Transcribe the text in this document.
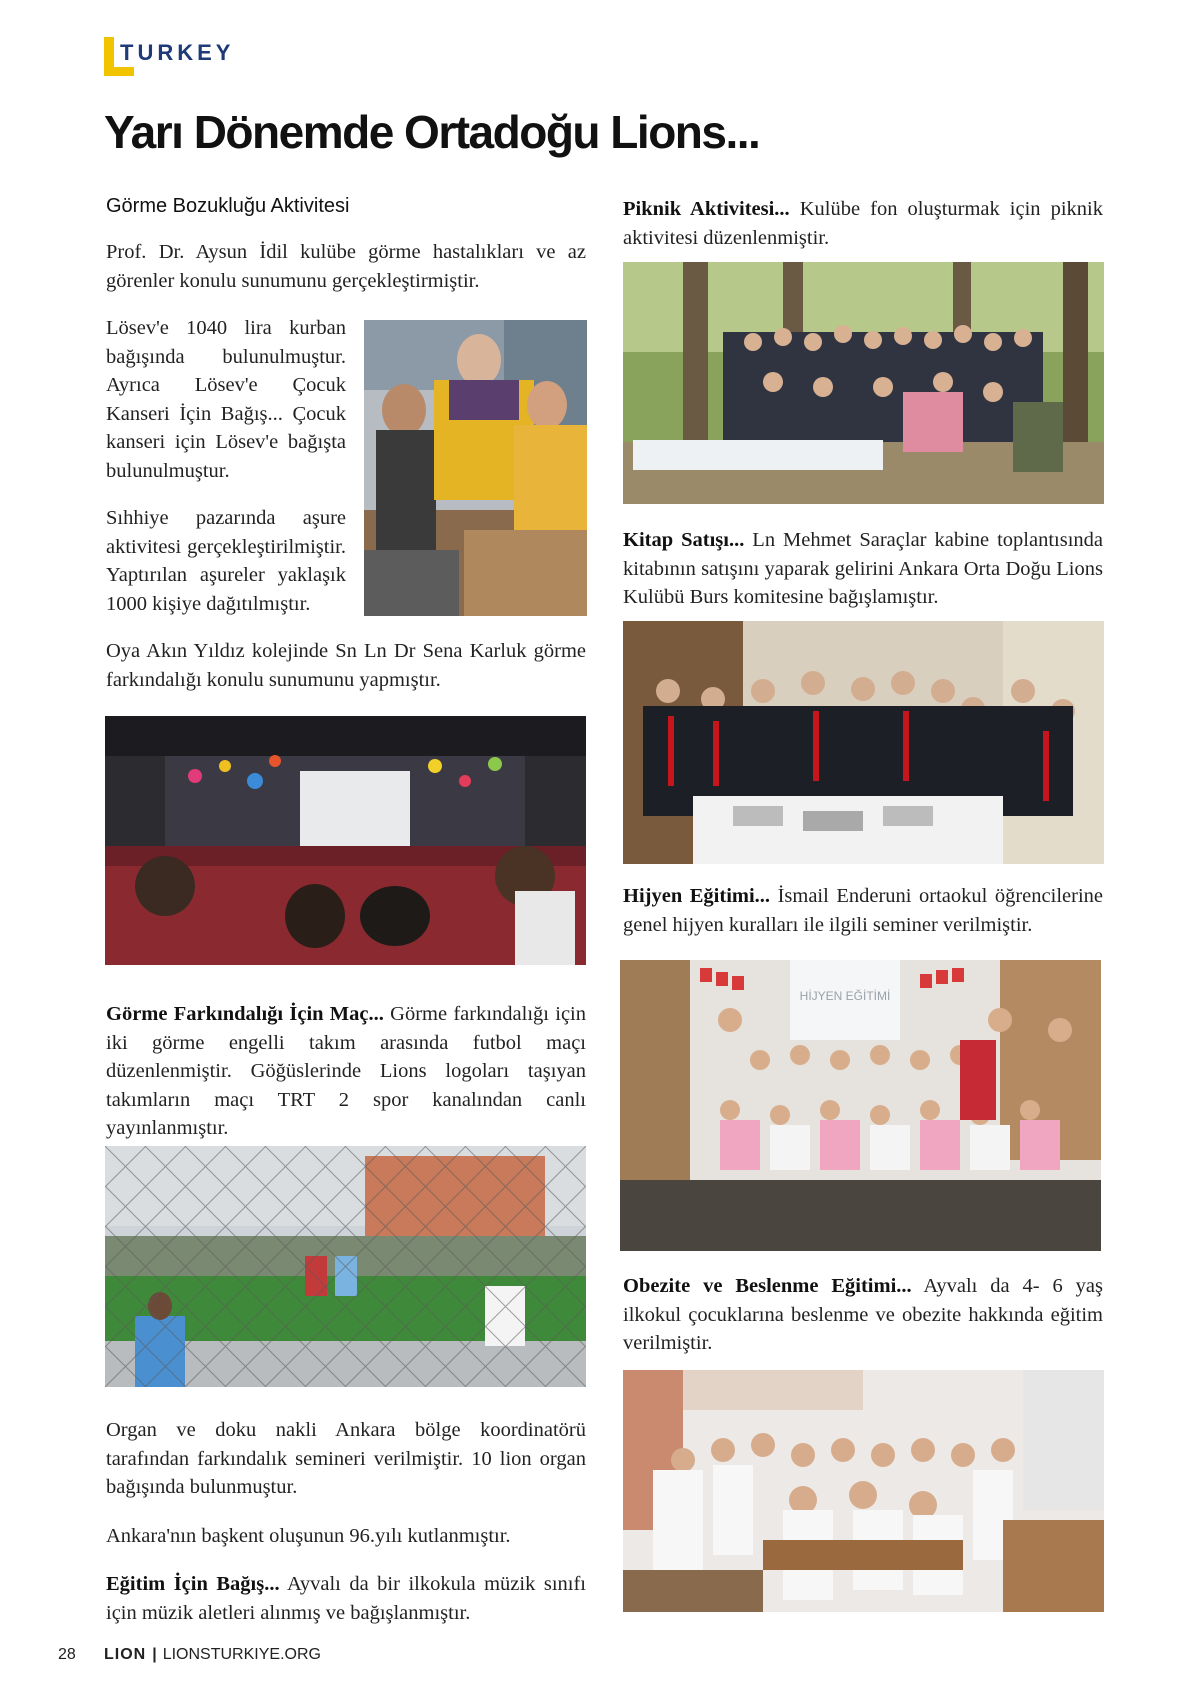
TURKEY
Yarı Dönemde Ortadoğu Lions...
Görme Bozukluğu Aktivitesi
Prof. Dr. Aysun İdil kulübe görme hastalıkları ve az görenler konulu sunumunu gerçekleştirmiştir.
Lösev'e 1040 lira kurban bağışında bulunulmuştur. Ayrıca Lösev'e Çocuk Kanseri İçin Bağış... Çocuk kanseri için Lösev'e bağışta bulunulmuştur.
Sıhhiye pazarında aşure aktivitesi gerçekleştirilmiştir. Yaptırılan aşureler yaklaşık 1000 kişiye dağıtılmıştır.
Oya Akın Yıldız kolejinde Sn Ln Dr Sena Karluk görme farkındalığı konulu sunumunu yapmıştır.
Görme Farkındalığı İçin Maç... Görme farkındalığı için iki görme engelli takım arasında futbol maçı düzenlenmiştir. Göğüslerinde Lions logoları taşıyan takımların maçı TRT 2 spor kanalından canlı yayınlanmıştır.
Organ ve doku nakli Ankara bölge koordinatörü tarafından farkındalık semineri verilmiştir. 10 lion organ bağışında bulunmuştur.
Ankara'nın başkent oluşunun 96.yılı kutlanmıştır.
Eğitim İçin Bağış... Ayvalı da bir ilkokula müzik sınıfı için müzik aletleri alınmış ve bağışlanmıştır.
Piknik Aktivitesi... Kulübe fon oluşturmak için piknik aktivitesi düzenlenmiştir.
Kitap Satışı... Ln Mehmet Saraçlar kabine toplantısında kitabının satışını yaparak gelirini Ankara Orta Doğu Lions Kulübü Burs komitesine bağışlamıştır.
Hijyen Eğitimi... İsmail Enderuni ortaokul öğrencilerine genel hijyen kuralları ile ilgili seminer verilmiştir.
HİJYEN EĞİTİMİ
Obezite ve Beslenme Eğitimi... Ayvalı da 4- 6 yaş ilkokul çocuklarına beslenme ve obezite hakkında eğitim verilmiştir.
28 LION | LIONSTURKIYE.ORG
